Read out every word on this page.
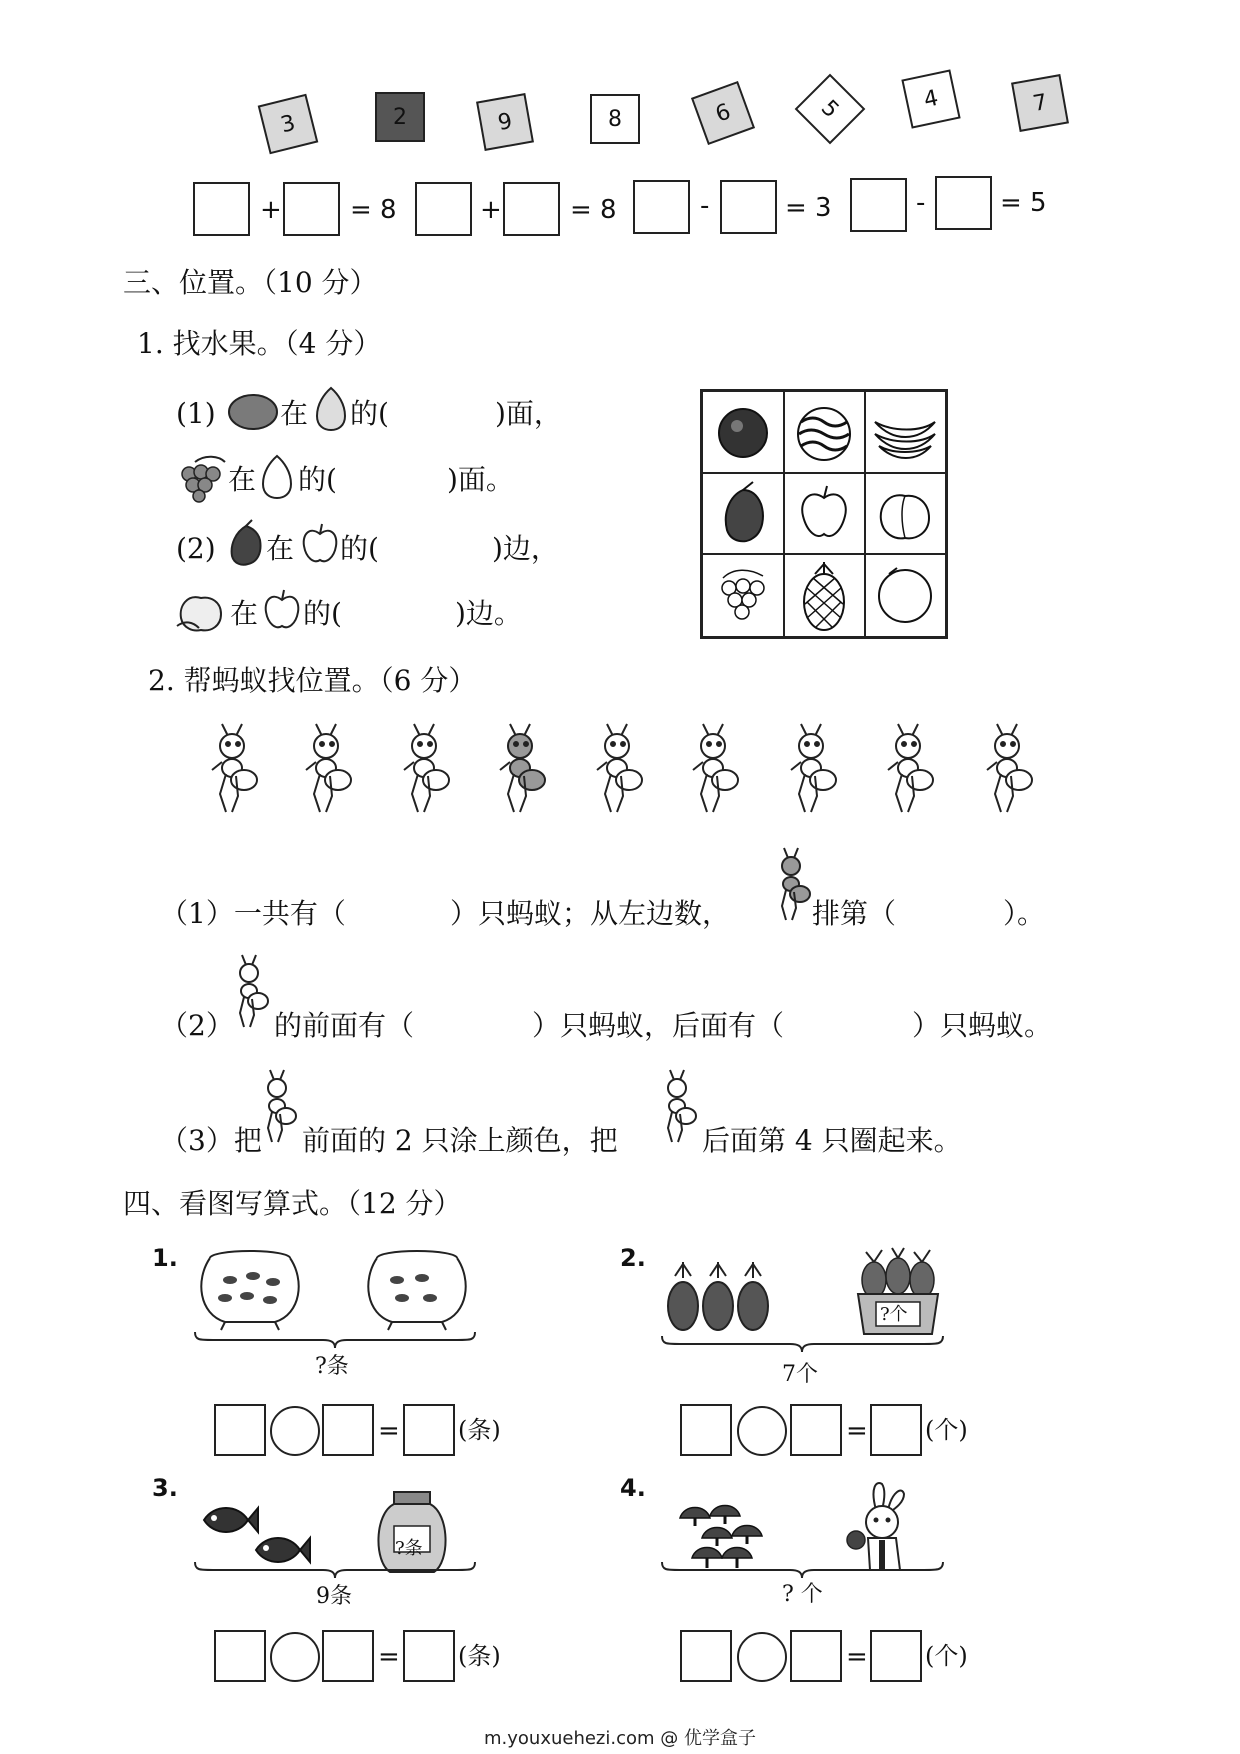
3	2	9	8	6	5	4	7
+	= 8	+	= 8	-	= 3	-	= 5
三、位置。（10 分）
1. 找水果。（4 分）
(1) 在 的(	)面，
在 的(	)面。
(2) 在 的(	)边，
在 的(	)边。
2. 帮蚂蚁找位置。（6 分）
（1）一共有（	）只蚂蚁；从左边数，	排第（	）。
（2） 的前面有（	）只蚂蚁，后面有（	）只蚂蚁。
（3）把 前面的 2 只涂上颜色，把	后面第 4 只圈起来。
四、看图写算式。（12 分）
1.
?条
= (条)
2.
?个
7个
= (个)
3.
?条
9条
= (条)
4.
? 个
= (个)
m.youxuehezi.com @ 优学盒子
